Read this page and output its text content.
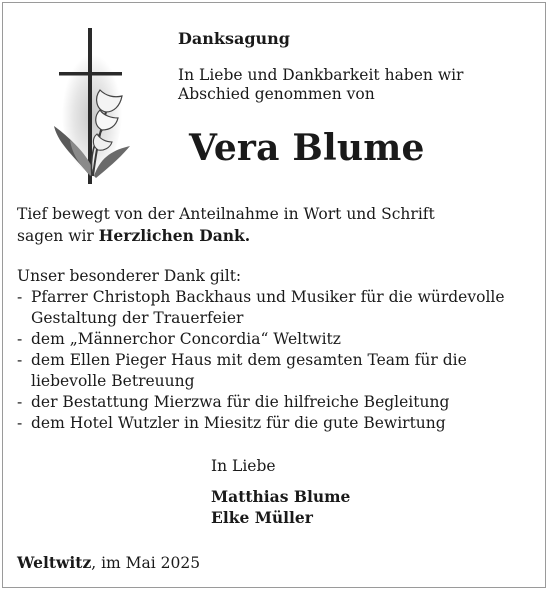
Danksagung
In Liebe und Dankbarkeit haben wir
Abschied genommen von
Vera Blume
Tief bewegt von der Anteilnahme in Wort und Schrift
sagen wir Herzlichen Dank.
Unser besonderer Dank gilt:
- Pfarrer Christoph Backhaus und Musiker für die würdevolle
Gestaltung der Trauerfeier
- dem „Männerchor Concordia“ Weltwitz
- dem Ellen Pieger Haus mit dem gesamten Team für die
liebevolle Betreuung
- der Bestattung Mierzwa für die hilfreiche Begleitung
- dem Hotel Wutzler in Miesitz für die gute Bewirtung
In Liebe
Matthias Blume
Elke Müller
Weltwitz, im Mai 2025
